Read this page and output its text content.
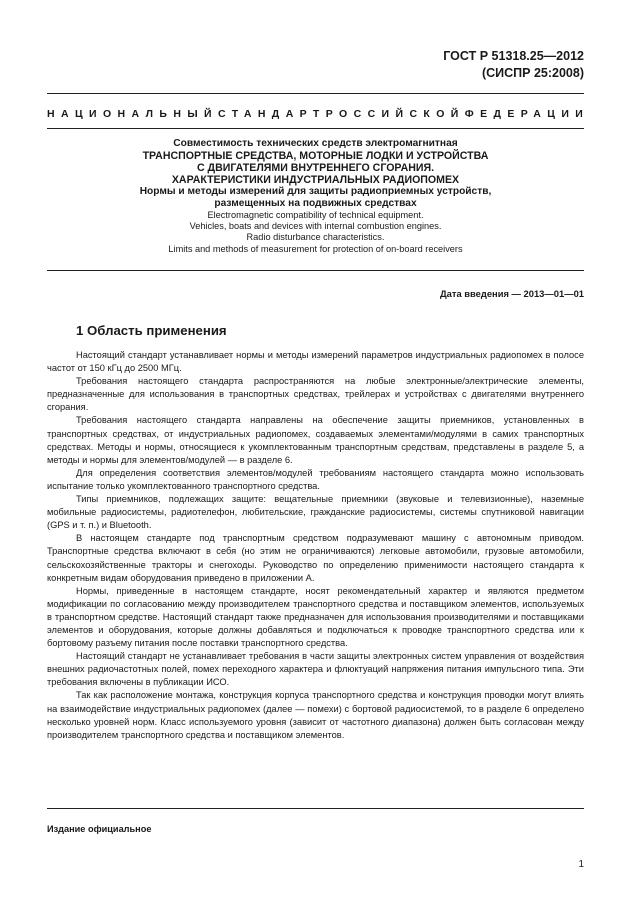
ГОСТ Р 51318.25—2012
(СИСПР 25:2008)
НАЦИОНАЛЬНЫЙ СТАНДАРТ РОССИЙСКОЙ ФЕДЕРАЦИИ
Совместимость технических средств электромагнитная
ТРАНСПОРТНЫЕ СРЕДСТВА, МОТОРНЫЕ ЛОДКИ И УСТРОЙСТВА
С ДВИГАТЕЛЯМИ ВНУТРЕННЕГО СГОРАНИЯ.
ХАРАКТЕРИСТИКИ ИНДУСТРИАЛЬНЫХ РАДИОПОМЕХ
Нормы и методы измерений для защиты радиоприемных устройств,
размещенных на подвижных средствах
Electromagnetic compatibility of technical equipment.
Vehicles, boats and devices with internal combustion engines.
Radio disturbance characteristics.
Limits and methods of measurement for protection of on-board receivers
Дата введения — 2013—01—01
1 Область применения

Настоящий стандарт устанавливает нормы и методы измерений параметров индустриальных радиопомех в полосе частот от 150 кГц до 2500 МГц.

Требования настоящего стандарта распространяются на любые электронные/электрические элементы, предназначенные для использования в транспортных средствах, трейлерах и устройствах с двигателями внутреннего сгорания.

Требования настоящего стандарта направлены на обеспечение защиты приемников, установленных в транспортных средствах, от индустриальных радиопомех, создаваемых элементами/модулями в самих транспортных средствах. Методы и нормы, относящиеся к укомплектованным транспортным средствам, представлены в разделе 5, а методы и нормы для элементов/модулей — в разделе 6.

Для определения соответствия элементов/модулей требованиям настоящего стандарта можно использовать испытание только укомплектованного транспортного средства.

Типы приемников, подлежащих защите: вещательные приемники (звуковые и телевизионные), наземные мобильные радиосистемы, радиотелефон, любительские, гражданские радиосистемы, системы спутниковой навигации (GPS и т. п.) и Bluetooth.

В настоящем стандарте под транспортным средством подразумевают машину с автономным приводом. Транспортные средства включают в себя (но этим не ограничиваются) легковые автомобили, грузовые автомобили, сельскохозяйственные тракторы и снегоходы. Руководство по определению применимости настоящего стандарта к конкретным видам оборудования приведено в приложении А.

Нормы, приведенные в настоящем стандарте, носят рекомендательный характер и являются предметом модификации по согласованию между производителем транспортного средства и поставщиком элементов, используемых в транспортном средстве. Настоящий стандарт также предназначен для использования производителями и поставщиками элементов и оборудования, которые должны добавляться и подключаться к проводке транспортного средства или к бортовому разъему питания после поставки транспортного средства.

Настоящий стандарт не устанавливает требования в части защиты электронных систем управления от воздействия внешних радиочастотных полей, помех переходного характера и флюктуаций напряжения питания импульсного типа. Эти требования включены в публикации ИСО.

Так как расположение монтажа, конструкция корпуса транспортного средства и конструкция проводки могут влиять на взаимодействие индустриальных радиопомех (далее — помехи) с бортовой радиосистемой, то в разделе 6 определено несколько уровней норм. Класс используемого уровня (зависит от частотного диапазона) должен быть согласован между производителем транспортного средства и поставщиком элементов.

Издание официальное
1
